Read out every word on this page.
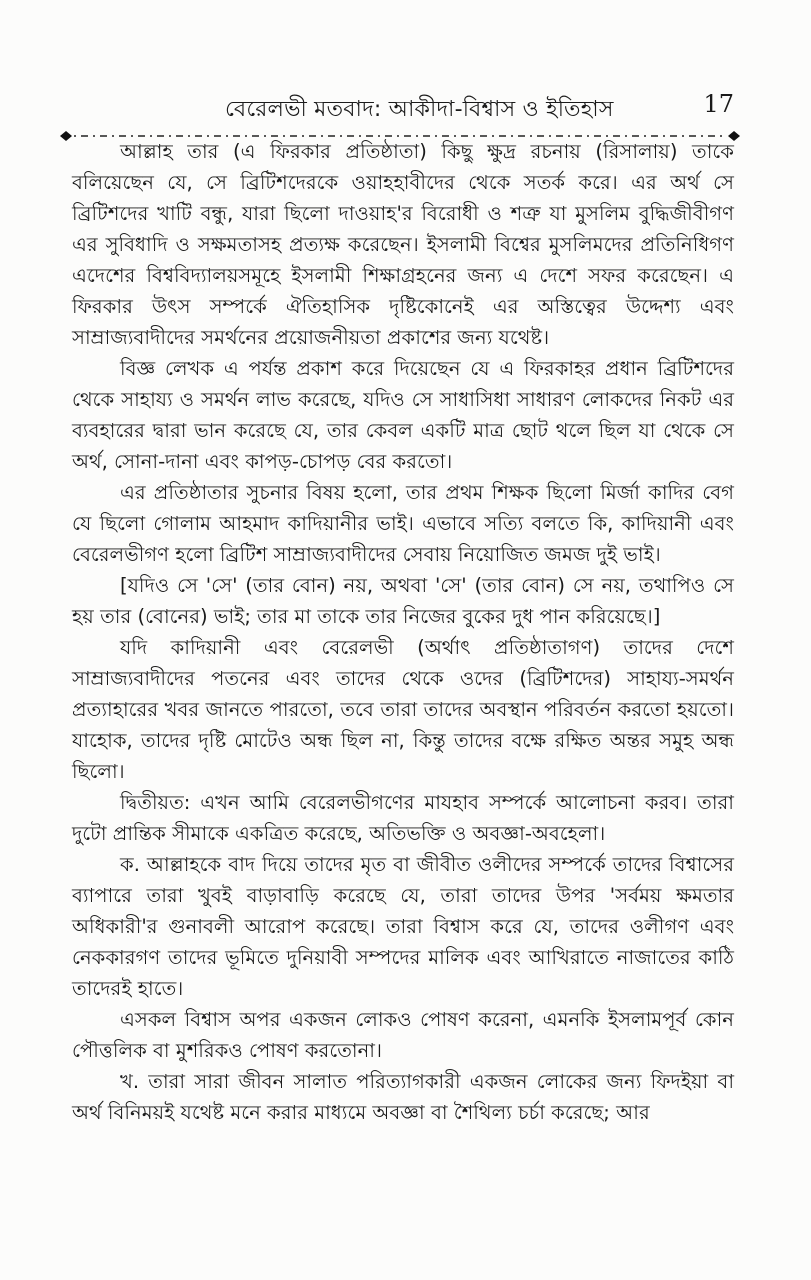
বেরেলভী মতবাদ: আকীদা-বিশ্বাস ও ইতিহাস	17

আল্লাহ তার (এ ফিরকার প্রতিষ্ঠাতা) কিছু ক্ষুদ্র রচনায় (রিসালায়) তাকে বলিয়েছেন যে, সে ব্রিটিশদেরকে ওয়াহহাবীদের থেকে সতর্ক করে। এর অর্থ সে ব্রিটিশদের খাটি বন্ধু, যারা ছিলো দাওয়াহ'র বিরোধী ও শত্রু যা মুসলিম বুদ্ধিজীবীগণ এর সুবিধাদি ও সক্ষমতাসহ প্রত্যক্ষ করেছেন। ইসলামী বিশ্বের মুসলিমদের প্রতিনিধিগণ এদেশের বিশ্ববিদ্যালয়সমূহে ইসলামী শিক্ষাগ্রহনের জন্য এ দেশে সফর করেছেন। এ ফিরকার উৎস সম্পর্কে ঐতিহাসিক দৃষ্টিকোনেই এর অস্তিত্বের উদ্দেশ্য এবং সাম্রাজ্যবাদীদের সমর্থনের প্রয়োজনীয়তা প্রকাশের জন্য যথেষ্ট।

বিজ্ঞ লেখক এ পর্যন্ত প্রকাশ করে দিয়েছেন যে এ ফিরকাহর প্রধান ব্রিটিশদের থেকে সাহায্য ও সমর্থন লাভ করেছে, যদিও সে সাধাসিধা সাধারণ লোকদের নিকট এর ব্যবহারের দ্বারা ভান করেছে যে, তার কেবল একটি মাত্র ছোট থলে ছিল যা থেকে সে অর্থ, সোনা-দানা এবং কাপড়-চোপড় বের করতো।

এর প্রতিষ্ঠাতার সুচনার বিষয় হলো, তার প্রথম শিক্ষক ছিলো মির্জা কাদির বেগ যে ছিলো গোলাম আহমাদ কাদিয়ানীর ভাই। এভাবে সত্যি বলতে কি, কাদিয়ানী এবং বেরেলভীগণ হলো ব্রিটিশ সাম্রাজ্যবাদীদের সেবায় নিয়োজিত জমজ দুই ভাই।

[যদিও সে 'সে' (তার বোন) নয়, অথবা 'সে' (তার বোন) সে নয়, তথাপিও সে হয় তার (বোনের) ভাই; তার মা তাকে তার নিজের বুকের দুধ পান করিয়েছে।]

যদি কাদিয়ানী এবং বেরেলভী (অর্থাৎ প্রতিষ্ঠাতাগণ) তাদের দেশে সাম্রাজ্যবাদীদের পতনের এবং তাদের থেকে ওদের (ব্রিটিশদের) সাহায্য-সমর্থন প্রত্যাহারের খবর জানতে পারতো, তবে তারা তাদের অবস্থান পরিবর্তন করতো হয়তো। যাহোক, তাদের দৃষ্টি মোটেও অন্ধ ছিল না, কিন্তু তাদের বক্ষে রক্ষিত অন্তর সমুহ অন্ধ ছিলো।

দ্বিতীয়ত: এখন আমি বেরেলভীগণের মাযহাব সম্পর্কে আলোচনা করব। তারা দুটো প্রান্তিক সীমাকে একত্রিত করেছে, অতিভক্তি ও অবজ্ঞা-অবহেলা।

ক. আল্লাহকে বাদ দিয়ে তাদের মৃত বা জীবীত ওলীদের সম্পর্কে তাদের বিশ্বাসের ব্যাপারে তারা খুবই বাড়াবাড়ি করেছে যে, তারা তাদের উপর 'সর্বময় ক্ষমতার অধিকারী'র গুনাবলী আরোপ করেছে। তারা বিশ্বাস করে যে, তাদের ওলীগণ এবং নেককারগণ তাদের ভূমিতে দুনিয়াবী সম্পদের মালিক এবং আখিরাতে নাজাতের কাঠি তাদেরই হাতে।

এসকল বিশ্বাস অপর একজন লোকও পোষণ করেনা, এমনকি ইসলামপূর্ব কোন পৌত্তলিক বা মুশরিকও পোষণ করতোনা।

খ. তারা সারা জীবন সালাত পরিত্যাগকারী একজন লোকের জন্য ফিদইয়া বা অর্থ বিনিময়ই যথেষ্ট মনে করার মাধ্যমে অবজ্ঞা বা শৈথিল্য চর্চা করেছে; আর
